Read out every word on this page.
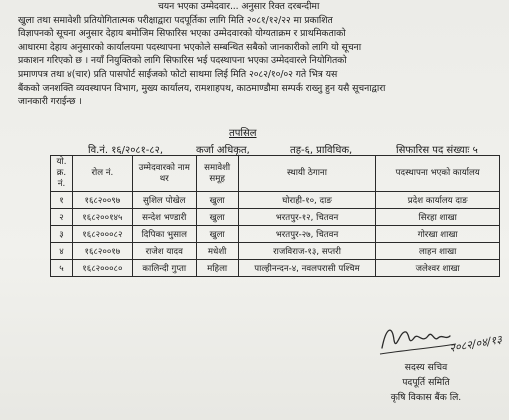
चयन भएका उम्मेदवार... अनुसार रिक्त दरबन्दीमा
खुला तथा समावेशी प्रतियोगितात्मक परीक्षाद्वारा पदपूर्तिका लागि मिति २०८१/१२/२२ मा प्रकाशित
विज्ञापनको सूचना अनुसार देहाय बमोजिम सिफारिस भएका उम्मेदवारको योग्यताक्रम र प्राथमिकताको
आधारमा देहाय अनुसारको कार्यालयमा पदस्थापना भएकोले सम्बन्धित सबैको जानकारीको लागि यो सूचना
प्रकाशन गरिएको छ । नयाँ नियुक्तिको लागि सिफारिस भई पदस्थापना भएका उम्मेदवारले नियोगितको
प्रमाणपत्र तथा ४(चार) प्रति पासपोर्ट साईजको फोटो साथमा लिई मिति २०८२/१०/०२ गते भित्र यस
बैंकको जनशक्ति व्यवस्थापन विभाग, मुख्य कार्यालय, रामशाहपथ, काठमाण्डौमा सम्पर्क राख्नु हुन यसै सूचनाद्वारा
जानकारी गराईन्छ ।
तपसिल
वि.नं. १६/२०८१-८२,	कर्जा अधिकृत,	तह-६, प्राविधिक,	सिफारिस पद संख्याः ५
यो. क्र. नं.	रोल नं.	उम्मेदवारको नाम थर	समावेशी समूह	स्थायी ठेगाना	पदस्थापना भएको कार्यालय
१	१६८२००९७	सुशिल पोखेल	खुला	घोराही-१०, दाङ	प्रदेश कार्यालय दाङ
२	१६८२००१४५	सन्देश भण्डारी	खुला	भरतपुर-१२, चितवन	सिरहा शाखा
३	१६८२०००८२	दिपिका भुसाल	खुला	भरतपुर-२७, चितवन	गोरखा शाखा
४	१६८२००१७	राजेश यादव	मधेशी	राजविराज-१३, सप्तरी	लाहन शाखा
५	१६८२०००८०	कालिन्दी गुप्ता	महिला	पाल्हीनन्दन-४, नवलपरासी पश्चिम	जलेश्वर शाखा
२०८२/०४/१३
सदस्य सचिव
पदपूर्ति समिति
कृषि विकास बैंक लि.
